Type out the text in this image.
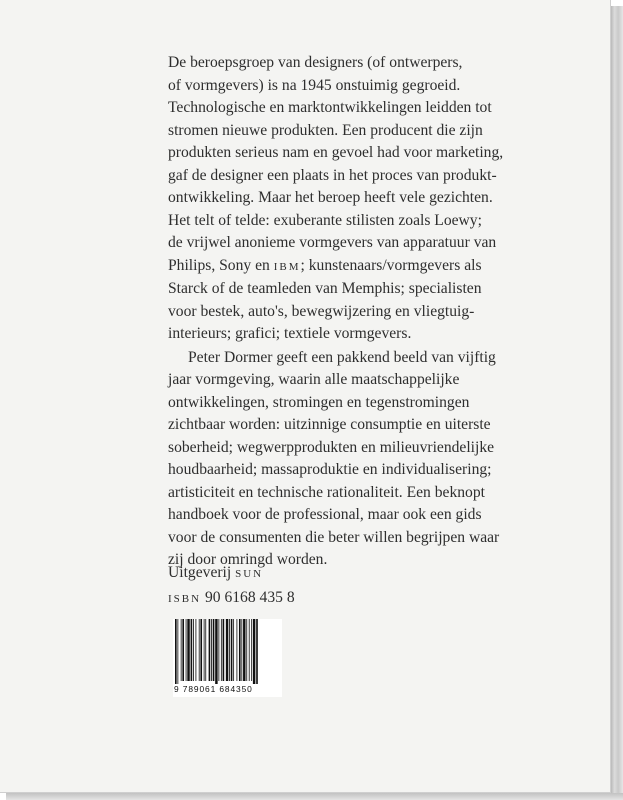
De beroepsgroep van designers (of ontwerpers,
of vormgevers) is na 1945 onstuimig gegroeid.
Technologische en marktontwikkelingen leidden tot
stromen nieuwe produkten. Een producent die zijn
produkten serieus nam en gevoel had voor marketing,
gaf de designer een plaats in het proces van produkt-
ontwikkeling. Maar het beroep heeft vele gezichten.
Het telt of telde: exuberante stilisten zoals Loewy;
de vrijwel anonieme vormgevers van apparatuur van
Philips, Sony en IBM; kunstenaars/vormgevers als
Starck of de teamleden van Memphis; specialisten
voor bestek, auto's, bewegwijzering en vliegtuig-
interieurs; grafici; textiele vormgevers.
Peter Dormer geeft een pakkend beeld van vijftig
jaar vormgeving, waarin alle maatschappelijke
ontwikkelingen, stromingen en tegenstromingen
zichtbaar worden: uitzinnige consumptie en uiterste
soberheid; wegwerpprodukten en milieuvriendelijke
houdbaarheid; massaproduktie en individualisering;
artisticiteit en technische rationaliteit. Een beknopt
handboek voor de professional, maar ook een gids
voor de consumenten die beter willen begrijpen waar
zij door omringd worden.
Uitgeverij SUN
ISBN 90 6168 435 8
9 789061 684350
